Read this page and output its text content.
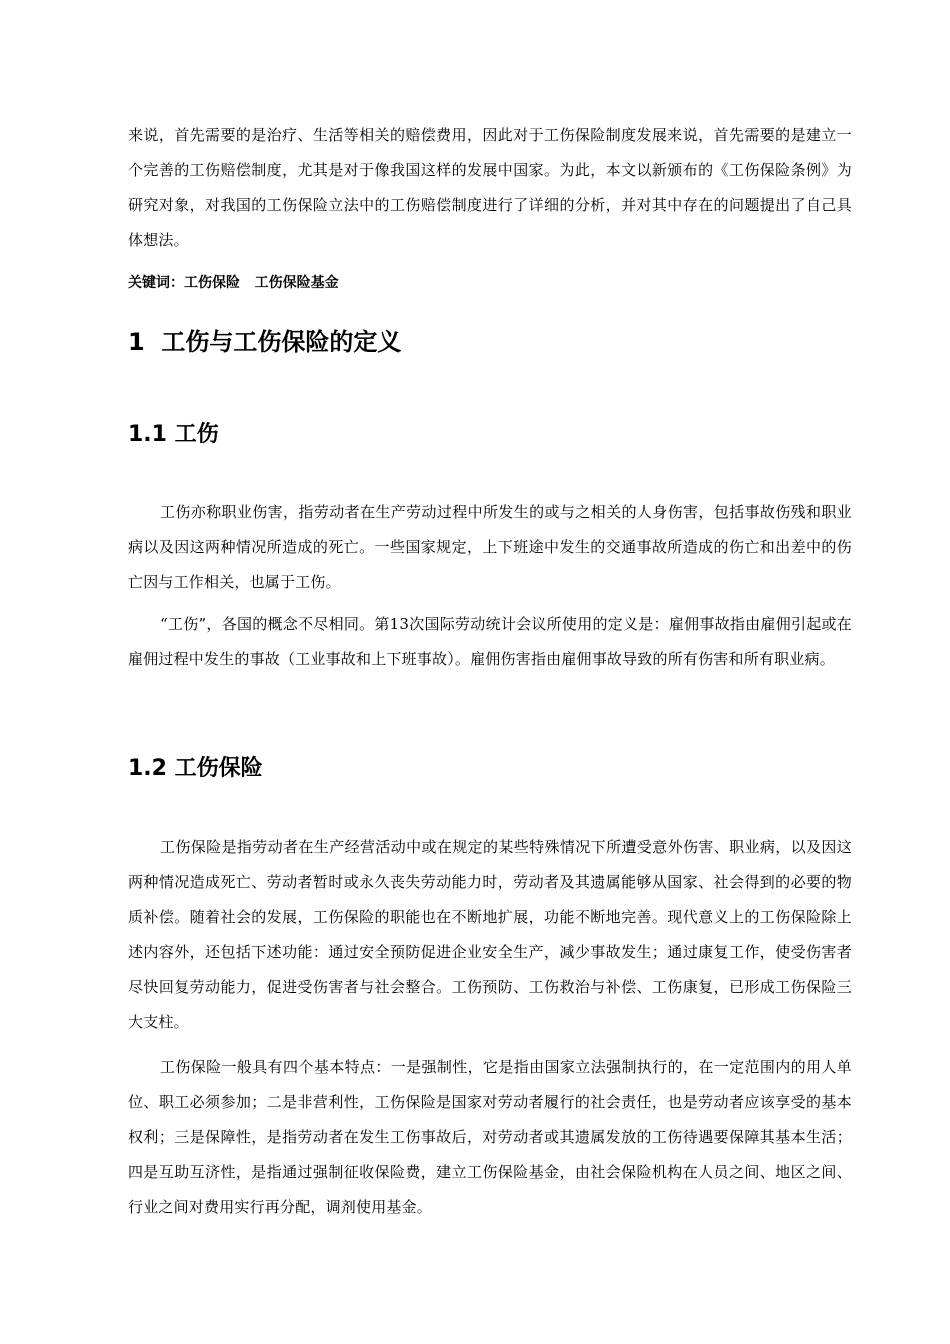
来说，首先需要的是治疗、生活等相关的赔偿费用，因此对于工伤保险制度发展来说，首先需要的是建立一个完善的工伤赔偿制度，尤其是对于像我国这样的发展中国家。为此，本文以新颁布的《工伤保险条例》为研究对象，对我国的工伤保险立法中的工伤赔偿制度进行了详细的分析，并对其中存在的问题提出了自己具体想法。

关键词：工伤保险   工伤保险基金
1  工伤与工伤保险的定义
1.1 工伤

工伤亦称职业伤害，指劳动者在生产劳动过程中所发生的或与之相关的人身伤害，包括事故伤残和职业病以及因这两种情况所造成的死亡。一些国家规定，上下班途中发生的交通事故所造成的伤亡和出差中的伤亡因与工作相关，也属于工伤。

“工伤”，各国的概念不尽相同。第13次国际劳动统计会议所使用的定义是：雇佣事故指由雇佣引起或在雇佣过程中发生的事故（工业事故和上下班事故）。雇佣伤害指由雇佣事故导致的所有伤害和所有职业病。

1.2 工伤保险

工伤保险是指劳动者在生产经营活动中或在规定的某些特殊情况下所遭受意外伤害、职业病，以及因这两种情况造成死亡、劳动者暂时或永久丧失劳动能力时，劳动者及其遗属能够从国家、社会得到的必要的物质补偿。随着社会的发展，工伤保险的职能也在不断地扩展，功能不断地完善。现代意义上的工伤保险除上述内容外，还包括下述功能：通过安全预防促进企业安全生产，减少事故发生；通过康复工作，使受伤害者尽快回复劳动能力，促进受伤害者与社会整合。工伤预防、工伤救治与补偿、工伤康复，已形成工伤保险三大支柱。

工伤保险一般具有四个基本特点：一是强制性，它是指由国家立法强制执行的，在一定范围内的用人单位、职工必须参加；二是非营利性，工伤保险是国家对劳动者履行的社会责任，也是劳动者应该享受的基本权利；三是保障性，是指劳动者在发生工伤事故后，对劳动者或其遗属发放的工伤待遇要保障其基本生活；四是互助互济性，是指通过强制征收保险费，建立工伤保险基金，由社会保险机构在人员之间、地区之间、行业之间对费用实行再分配，调剂使用基金。
